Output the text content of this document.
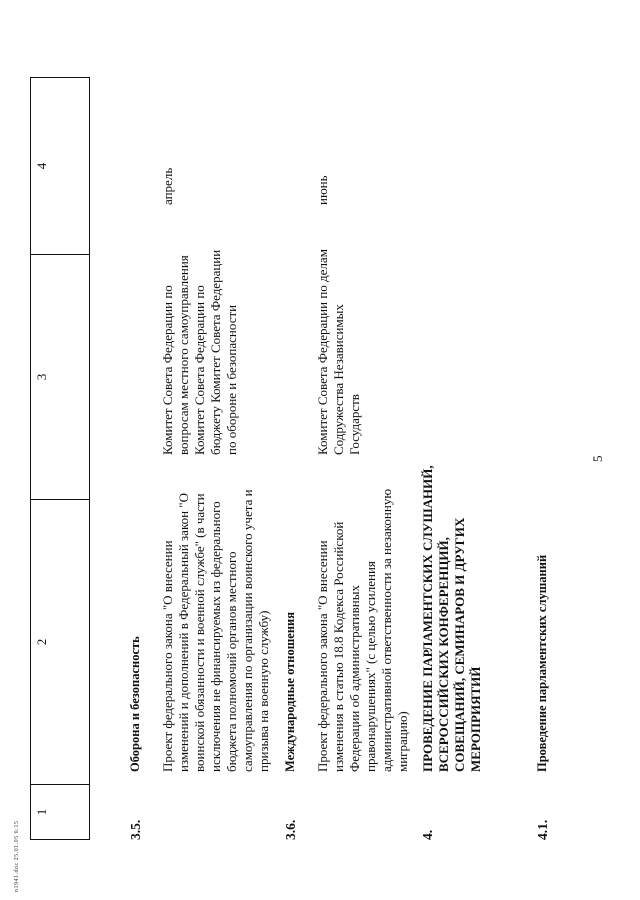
5
1
2
3
4
3.5.
Оборона и безопасность Проект федерального закона "О внесении изменений и дополнений в Федеральный закон "О воинской обязанности и военной службе" (в части исключения не финансируемых из федерального бюджета полномочий органов местного самоуправления по организации воинского учета и призыва на военную службу)
Комитет Совета Федерации по вопросам местного самоуправления Комитет Совета Федерации по бюджету Комитет Совета Федерации по обороне и безопасности
апрель
3.6.
Международные отношения Проект федерального закона "О внесении изменения в статью 18.8 Кодекса Российской Федерации об административных правонарушениях" (с целью усиления административной ответственности за незаконную миграцию)
Комитет Совета Федерации по делам Содружества Независимых Государств
июнь
4.
ПРОВЕДЕНИЕ ПАРЛАМЕНТСКИХ СЛУШАНИЙ, ВСЕРОССИЙСКИХ КОНФЕРЕНЦИЙ, СОВЕЩАНИЙ, СЕМИНАРОВ И ДРУГИХ МЕРОПРИЯТИЙ
4.1.
Проведение парламентских слушаний
n1941.doc 25.01.05 6:15
